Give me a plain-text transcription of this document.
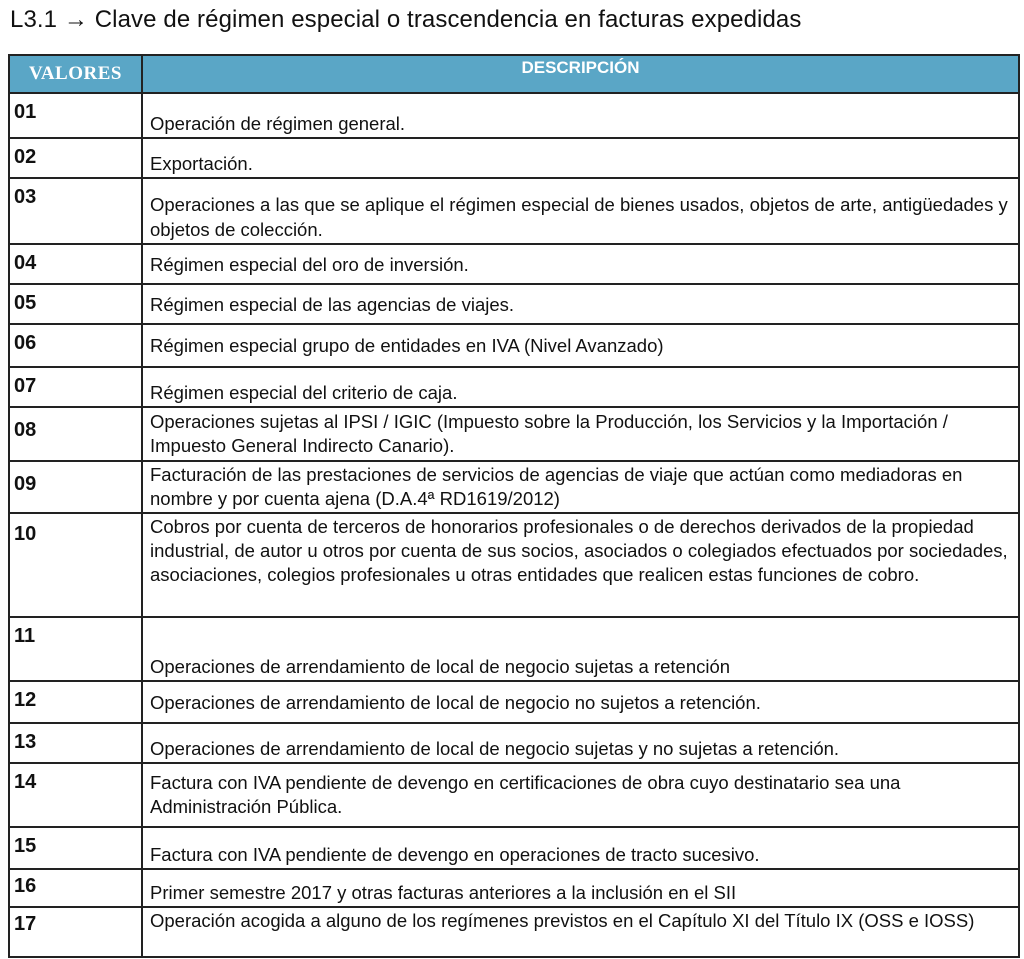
L3.1 → Clave de régimen especial o trascendencia en facturas expedidas
VALORES	DESCRIPCIÓN
01	Operación de régimen general.
02	Exportación.
03	Operaciones a las que se aplique el régimen especial de bienes usados, objetos de arte, antigüedades y objetos de colección.
04	Régimen especial del oro de inversión.
05	Régimen especial de las agencias de viajes.
06	Régimen especial grupo de entidades en IVA (Nivel Avanzado)
07	Régimen especial del criterio de caja.
08	Operaciones sujetas al IPSI / IGIC (Impuesto sobre la Producción, los Servicios y la Importación / Impuesto General Indirecto Canario).
09	Facturación de las prestaciones de servicios de agencias de viaje que actúan como mediadoras en nombre y por cuenta ajena (D.A.4ª RD1619/2012)
10	Cobros por cuenta de terceros de honorarios profesionales o de derechos derivados de la propiedad industrial, de autor u otros por cuenta de sus socios, asociados o colegiados efectuados por sociedades, asociaciones, colegios profesionales u otras entidades que realicen estas funciones de cobro.
11	Operaciones de arrendamiento de local de negocio sujetas a retención
12	Operaciones de arrendamiento de local de negocio no sujetos a retención.
13	Operaciones de arrendamiento de local de negocio sujetas y no sujetas a retención.
14	Factura con IVA pendiente de devengo en certificaciones de obra cuyo destinatario sea una Administración Pública.
15	Factura con IVA pendiente de devengo en operaciones de tracto sucesivo.
16	Primer semestre 2017 y otras facturas anteriores a la inclusión en el SII
17	Operación acogida a alguno de los regímenes previstos en el Capítulo XI del Título IX (OSS e IOSS)
